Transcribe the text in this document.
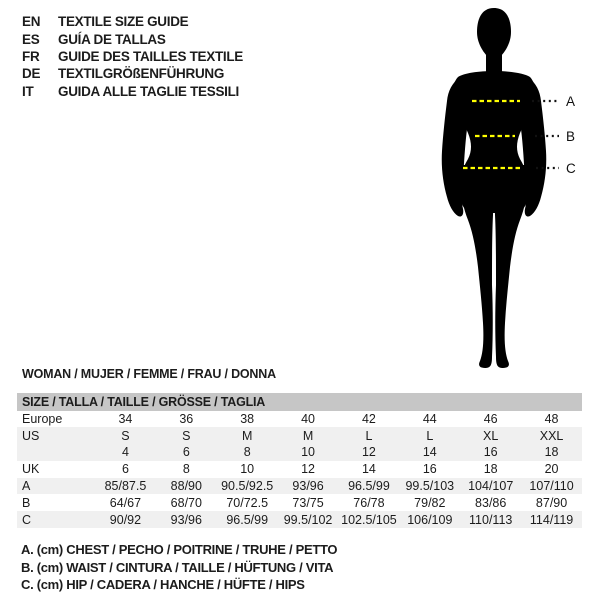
EN	TEXTILE SIZE GUIDE
ES	GUÍA DE TALLAS
FR	GUIDE DES TAILLES TEXTILE
DE	TEXTILGRÖßENFÜHRUNG
IT	GUIDA ALLE TAGLIE TESSILI
A
B
C
WOMAN / MUJER / FEMME / FRAU / DONNA
SIZE / TALLA / TAILLE / GRÖSSE / TAGLIA
Europe	34	36	38	40	42	44	46	48
US	S	S	M	M	L	L	XL	XXL
4	6	8	10	12	14	16	18
UK	6	8	10	12	14	16	18	20
A	85/87.5	88/90	90.5/92.5	93/96	96.5/99	99.5/103	104/107	107/110
B	64/67	68/70	70/72.5	73/75	76/78	79/82	83/86	87/90
C	90/92	93/96	96.5/99	99.5/102 102.5/105 106/109	110/113	114/119
A. (cm) CHEST / PECHO / POITRINE / TRUHE / PETTO
B. (cm) WAIST / CINTURA / TAILLE / HÜFTUNG / VITA
C. (cm) HIP / CADERA / HANCHE / HÜFTE / HIPS
